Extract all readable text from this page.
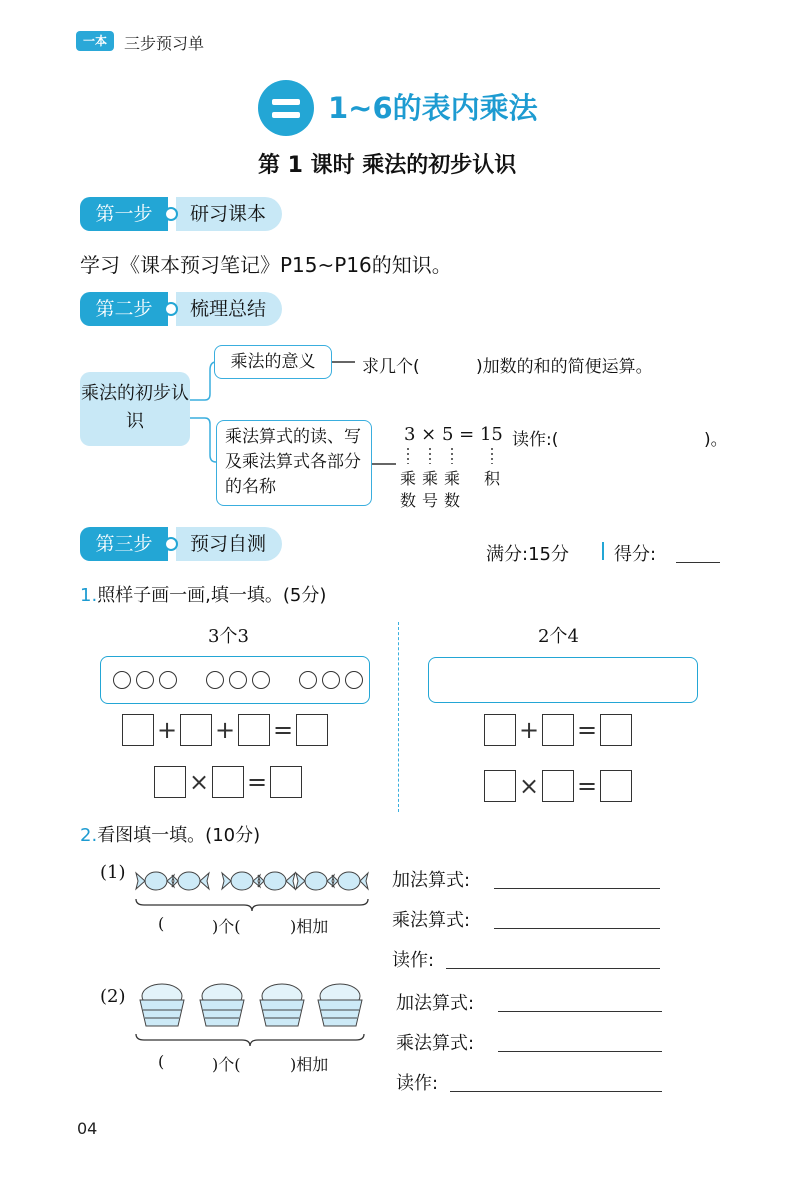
一本	三步预习单
1~6的表内乘法
第 1 课时 乘法的初步认识
第一步	研习课本
学习《课本预习笔记》P15~P16的知识。
第二步	梳理总结
乘法的初步认识
乘法的意义	求几个(	)加数的和的简便运算。
乘法算式的读、写及乘法算式各部分的名称
3 × 5 = 15 读作:(	)。
乘 乘 乘 积
数 号 数
第三步	预习自测	满分:15分	得分:
1.照样子画一画,填一填。(5分)
3个3	2个4

+ + =
× =
+ =
× =
2.看图填一填。(10分)
(1)
(	)个(	)相加
加法算式:
乘法算式:
读作:
(2)
(	)个(	)相加
加法算式:
乘法算式:
读作:
04
